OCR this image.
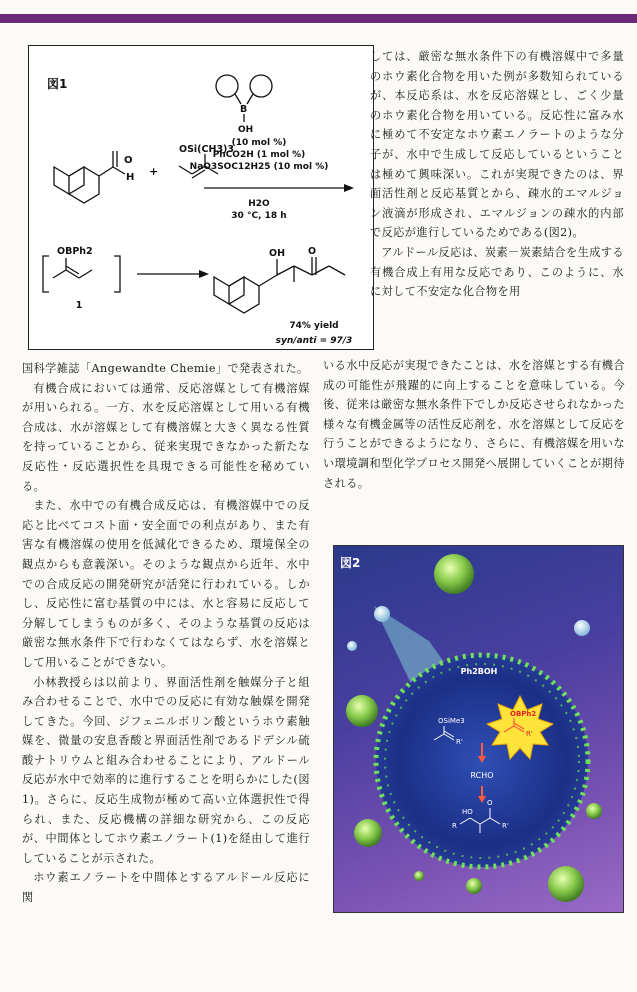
図1
O
H +
OSi(CH3)3
B
OH
(10 mol %)
PhCO2H (1 mol %)
NaO3SOC12H25 (10 mol %)
H2O
30 °C, 18 h
OBPh2
1
OH O
74% yield
syn/anti = 97/3

国科学雑誌「Angewandte Chemie」で発表された。

有機合成においては通常、反応溶媒として有機溶媒が用いられる。一方、水を反応溶媒として用いる有機合成は、水が溶媒として有機溶媒と大きく異なる性質を持っていることから、従来実現できなかった新たな反応性・反応選択性を具現できる可能性を秘めている。

また、水中での有機合成反応は、有機溶媒中での反応と比べてコスト面・安全面での利点があり、また有害な有機溶媒の使用を低減化できるため、環境保全の観点からも意義深い。そのような観点から近年、水中での合成反応の開発研究が活発に行われている。しかし、反応性に富む基質の中には、水と容易に反応して分解してしまうものが多く、そのような基質の反応は厳密な無水条件下で行わなくてはならず、水を溶媒として用いることができない。

小林教授らは以前より、界面活性剤を触媒分子と組み合わせることで、水中での反応に有効な触媒を開発してきた。今回、ジフェニルボリン酸というホウ素触媒を、微量の安息香酸と界面活性剤であるドデシル硫酸ナトリウムと組み合わせることにより、アルドール反応が水中で効率的に進行することを明らかにした(図1)。さらに、反応生成物が極めて高い立体選択性で得られ、また、反応機構の詳細な研究から、この反応が、中間体としてホウ素エノラート(1)を経由して進行していることが示された。

ホウ素エノラートを中間体とするアルドール反応に関

しては、厳密な無水条件下の有機溶媒中で多量のホウ素化合物を用いた例が多数知られているが、本反応系は、水を反応溶媒とし、ごく少量のホウ素化合物を用いている。反応性に富み水に極めて不安定なホウ素エノラートのような分子が、水中で生成して反応しているということは極めて興味深い。これが実現できたのは、界面活性剤と反応基質とから、疎水的エマルジョン液滴が形成され、エマルジョンの疎水的内部で反応が進行しているためである(図2)。

アルドール反応は、炭素－炭素結合を生成する有機合成上有用な反応であり、このように、水に対して不安定な化合物を用

いる水中反応が実現できたことは、水を溶媒とする有機合成の可能性が飛躍的に向上することを意味している。今後、従来は厳密な無水条件下でしか反応させられなかった様々な有機金属等の活性反応剤を、水を溶媒として反応を行うことができるようになり、さらに、有機溶媒を用いない環境調和型化学プロセス開発へ展開していくことが期待される。

Ph2BOH
OSiMe3
R'
OBPh2
R'
RCHO
HO
O
R	R'
図2
